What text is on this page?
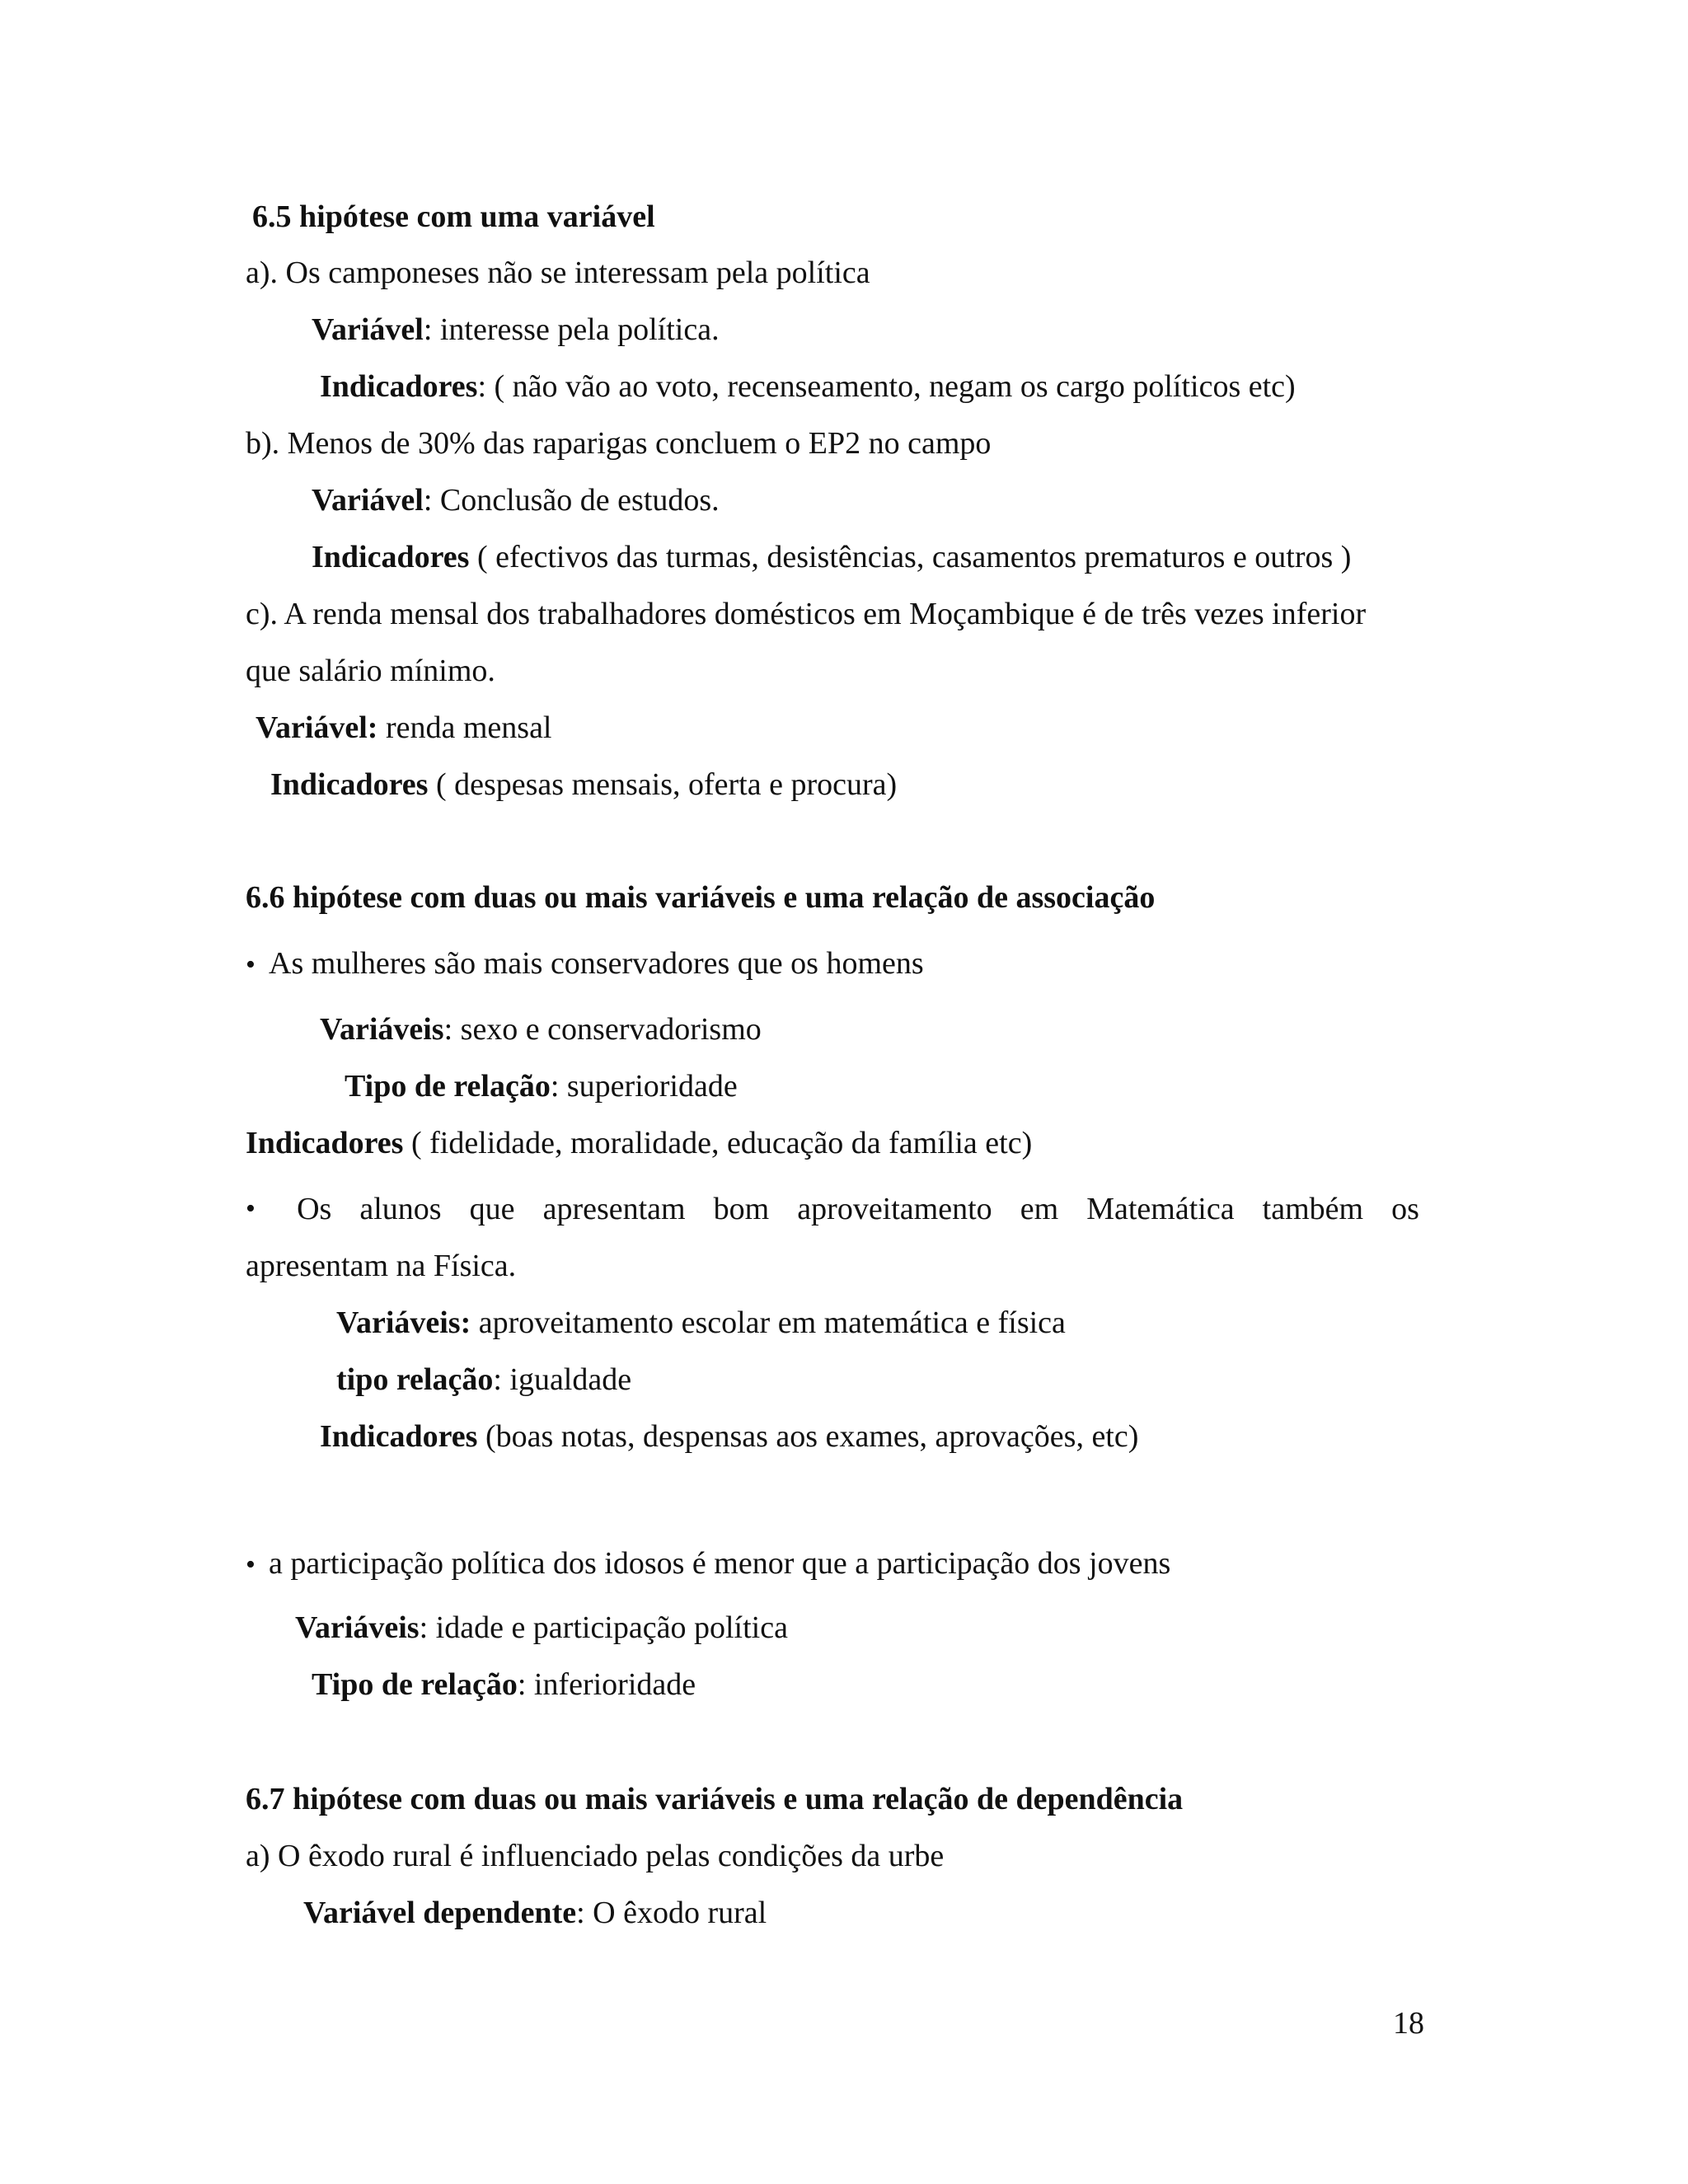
6.5 hipótese com uma variável
a). Os camponeses não se interessam pela política
Variável: interesse pela política.
Indicadores: ( não vão ao voto, recenseamento, negam os cargo políticos etc)
b). Menos de 30% das raparigas concluem o EP2 no campo
Variável: Conclusão de estudos.
Indicadores ( efectivos das turmas, desistências, casamentos prematuros e outros )
c). A renda mensal dos trabalhadores domésticos em Moçambique é de três vezes inferior
que salário mínimo.
Variável: renda mensal
Indicadores ( despesas mensais, oferta e procura)
6.6 hipótese com duas ou mais variáveis e uma relação de associação
• As mulheres são mais conservadores que os homens
Variáveis: sexo e conservadorismo
Tipo de relação: superioridade
Indicadores ( fidelidade, moralidade, educação da família etc)
•	Os alunos que apresentam bom aproveitamento em Matemática também os
apresentam na Física.
Variáveis: aproveitamento escolar em matemática e física
tipo relação: igualdade
Indicadores (boas notas, despensas aos exames, aprovações, etc)
• a participação política dos idosos é menor que a participação dos jovens
Variáveis: idade e participação política
Tipo de relação: inferioridade
6.7 hipótese com duas ou mais variáveis e uma relação de dependência
a) O êxodo rural é influenciado pelas condições da urbe
Variável dependente: O êxodo rural
18
